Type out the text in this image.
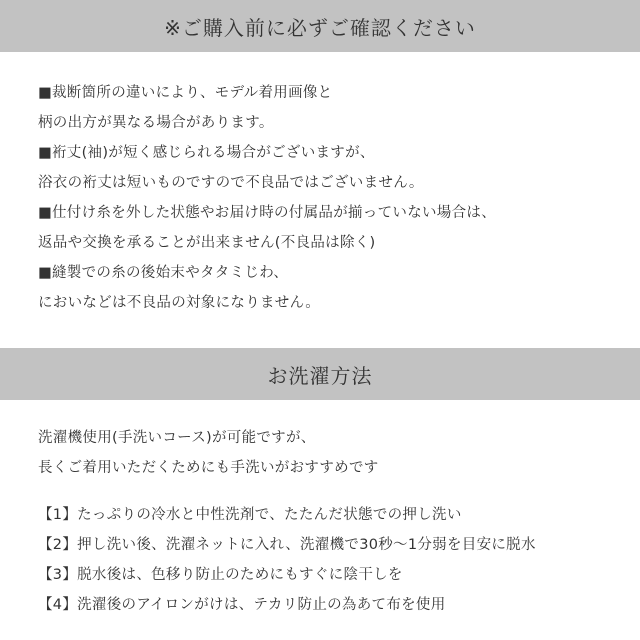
※ご購入前に必ずご確認ください
■裁断箇所の違いにより、モデル着用画像と
柄の出方が異なる場合があります。
■裄丈(袖)が短く感じられる場合がございますが、
浴衣の裄丈は短いものですので不良品ではございません。
■仕付け糸を外した状態やお届け時の付属品が揃っていない場合は、
返品や交換を承ることが出来ません(不良品は除く)
■縫製での糸の後始末やタタミじわ、
においなどは不良品の対象になりません。
お洗濯方法
洗濯機使用(手洗いコース)が可能ですが、
長くご着用いただくためにも手洗いがおすすめです
【1】たっぷりの冷水と中性洗剤で、たたんだ状態での押し洗い
【2】押し洗い後、洗濯ネットに入れ、洗濯機で30秒〜1分弱を目安に脱水
【3】脱水後は、色移り防止のためにもすぐに陰干しを
【4】洗濯後のアイロンがけは、テカリ防止の為あて布を使用
